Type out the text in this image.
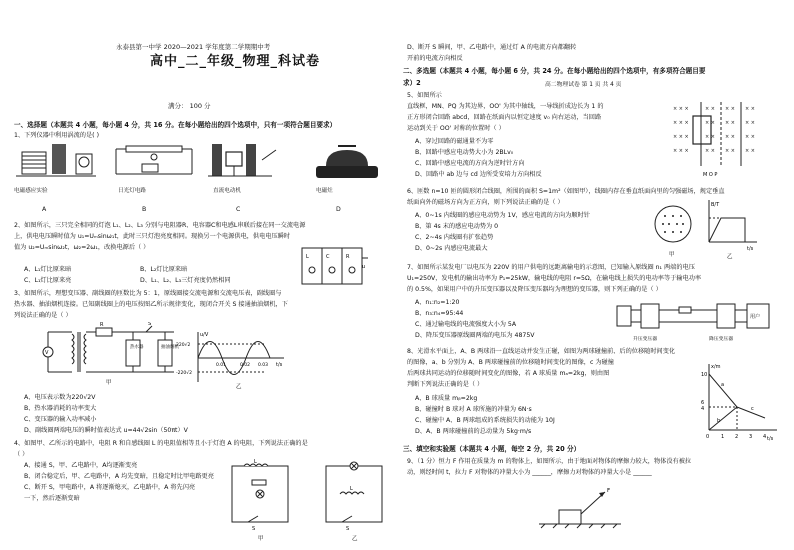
永泰县第一中学 2020—2021 学年度第二学期期中考
高中_二_年级_物理_科试卷
满分： 100 分
一、选择题（本题共 4 小题，每小题 4 分，共 16 分。在每小题给出的四个选项中，只有一项符合题目要求）
1、下列仪器中利用涡流的是( )
电磁感应实验	日光灯电路	直流电动机	电磁灶
A	B	C	D
2、如图所示，三只完全相同的灯泡 L₁、L₂、L₃ 分别与电阻器R、电容器C和电感L串联后接在同一交流电源
上，供电电压瞬时值为 u₁=Uₘsinω₁t，此时三只灯泡亮度相同。现换另一个电源供电，供电电压瞬时
值为 u₂=Uₘsinω₂t，ω₂=2ω₁，改换电源后（ ）
L	C	R
u
A、L₁灯比原来暗	B、L₂灯比原来暗
C、L₁灯比原来亮	D、L₁、L₂、L₃三灯亮度仍然相同
3、如图所示，理想变压器、副线圈的匝数比为 5：1，原线圈接交流电源和交流电压表，副线圈与
热水器、抽油烟机连接。已知副线圈上的电压按图乙所示规律变化，现闭合开关 S 接通抽油烟机，下
列说法正确的是（ ）
V
R
热水器	抽油烟机
S
甲
u/V
t/s
220√2
-220√2
0.01	0.02 0.03
乙
A、电压表示数为220√2V
B、热水器消耗的功率变大
C、变压器的输入功率减小
D、副线圈两端电压的瞬时值表达式 u=44√2sin（50πt）V
4、如图甲、乙所示的电路中，电阻 R 和自感线圈 L 的电阻值相等且小于灯泡 A 的电阻，下列说法正确的是
（ ）
A、接通 S，甲、乙电路中，A均逐渐变亮
B、闭合稳定后，甲、乙电路中，A 均先变暗，且稳定时比甲电路更亮
C、断开 S，甲电路中，A 将逐渐熄灭，乙电路中，A 将先闪亮
一下，然后逐渐变暗
L
S
甲
L
S
乙
D、断开 S 瞬间，甲、乙电路中，通过灯 A 的电流方向都翻转
开前的电流方向相反
二、多选题（本题共 4 小题，每小题 6 分，共 24 分。在每小题给出的四个选项中，有多项符合题目要
求）2	高二物理试卷 第 1 页 共 4 页
5、如图所示
直线框，MN、PQ 为其边界，OO' 为其中轴线，一导线折成边长为 1 的
正方形闭合回路 abcd，回路在纸面内以恒定速度 v₀ 向右运动，当回路
运动到关于 OO' 对称的位置时（ ）
A、穿过回路的磁通量不为零
B、回路中感应电动势大小为 2BLv₀
C、回路中感应电流的方向为逆时针方向
D、回路中 ab 边与 cd 边所受安培力方向相反
× × ×
× × ×
× × ×
× × ×
× ×
× ×
× ×
× ×
× ×
× ×
× ×
× ×
× ×
× ×
× ×
× ×
M O P
6、匝数 n=10 匝的圆形闭合线圈，所围的面积 S=1m²（如图甲），线圈内存在垂直纸面向里的匀强磁场，规定垂直
纸面向外的磁场方向为正方向，则下列说法正确的是（ ）
A、0~1s 内线圈的感应电动势为 1V，感应电流的方向为顺时针
B、第 4s 末的感应电动势为 0
C、2~4s 内线圈有扩张趋势
D、0~2s 内感应电流最大
甲
B/T
t/s
乙
7、如图所示某发电厂以电压为 220V 的用户供电的远距离输电的示意图，已知输入原线圈 n₁ 两端的电压
U₁=250V，发电机的输出功率为 P₁=25kW，输电线的电阻 r=5Ω，在输电线上损失的电功率等于输电功率
的 0.5%，如果用户中的升压变压器以及降压变压器均为理想的变压器，则下列正确的是（ ）
A、n₁:n₂=1:20
B、n₃:n₄=95:44
C、通过输电线的电流强度大小为 5A
D、降压变压器原线圈两端的电压为 4875V
用户
升压变压器	降压变压器
8、光滑水平面上，A、B 两球沿一直线运动并发生正碰，如图为两球碰撞前、后的位移随时间变化
的图像，a、b 分别为 A、B 两球碰撞前的位移随时间变化的图像，c 为碰撞
后两球共同运动的位移随时间变化的图像，若 A 球质量 mₐ=2kg，则由图
判断下列说法正确的是（ ）
A、B 球质量 mᵦ=2kg
B、碰撞时 B 球对 A 球所施的冲量为 6N·s
C、碰撞中 A、B 两球组成的系统损失的动能为 10J
D、A、B 两球碰撞前的总动量为 5kg·m/s
x/m
t/s
10
6
4
0 1 2 3 4
a
b
c
三、填空和实验题（本题共 4 小题，每空 2 分，共 20 分）
9、（1 分）恒力 F 作用在质量为 m 的物体上，如图所示，由于地面对物体的摩擦力较大，物体没有被拉
动，则经时间 t，拉力 F 对物体的冲量大小为 ______，摩擦力对物体的冲量大小是 ______
F
